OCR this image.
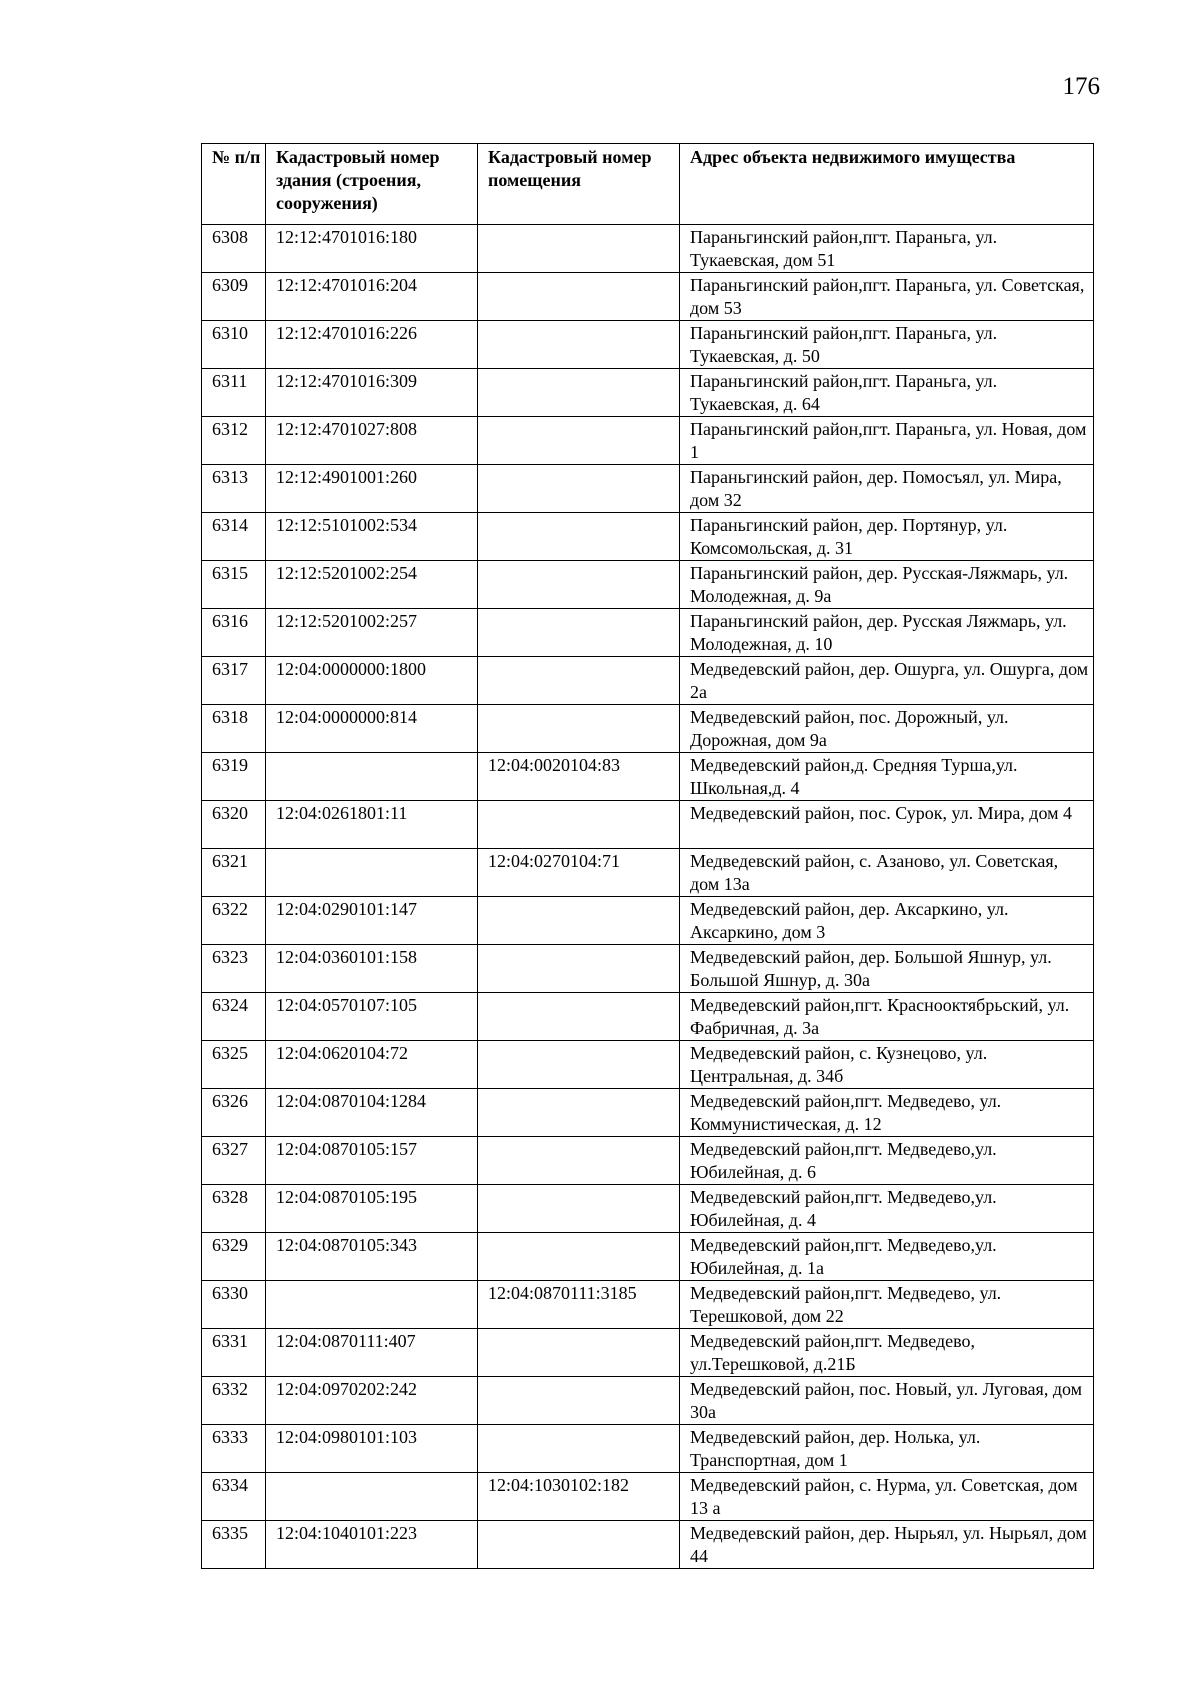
176
№ п/п	Кадастровый номер здания (строения, сооружения)	Кадастровый номер помещения	Адрес объекта недвижимого имущества
6308	12:12:4701016:180		Параньгинский район,пгт. Параньга, ул. Тукаевская, дом 51
6309	12:12:4701016:204		Параньгинский район,пгт. Параньга, ул. Советская, дом 53
6310	12:12:4701016:226		Параньгинский район,пгт. Параньга, ул. Тукаевская, д. 50
6311	12:12:4701016:309		Параньгинский район,пгт. Параньга, ул. Тукаевская, д. 64
6312	12:12:4701027:808		Параньгинский район,пгт. Параньга, ул. Новая, дом 1
6313	12:12:4901001:260		Параньгинский район, дер. Помосъял, ул. Мира, дом 32
6314	12:12:5101002:534		Параньгинский район, дер. Портянур, ул. Комсомольская, д. 31
6315	12:12:5201002:254		Параньгинский район, дер. Русская-Ляжмарь, ул. Молодежная, д. 9а
6316	12:12:5201002:257		Параньгинский район, дер. Русская Ляжмарь, ул. Молодежная, д. 10
6317	12:04:0000000:1800		Медведевский район, дер. Ошурга, ул. Ошурга, дом 2а
6318	12:04:0000000:814		Медведевский район, пос. Дорожный, ул. Дорожная, дом 9а
6319		12:04:0020104:83	Медведевский район,д. Средняя Турша,ул. Школьная,д. 4
6320	12:04:0261801:11		Медведевский район, пос. Сурок, ул. Мира, дом 4
6321		12:04:0270104:71	Медведевский район, с. Азаново, ул. Советская, дом 13а
6322	12:04:0290101:147		Медведевский район, дер. Аксаркино, ул. Аксаркино, дом 3
6323	12:04:0360101:158		Медведевский район, дер. Большой Яшнур, ул. Большой Яшнур, д. 30а
6324	12:04:0570107:105		Медведевский район,пгт. Краснооктябрьский, ул. Фабричная, д. 3а
6325	12:04:0620104:72		Медведевский район, с. Кузнецово, ул. Центральная, д. 34б
6326	12:04:0870104:1284		Медведевский район,пгт. Медведево, ул. Коммунистическая, д. 12
6327	12:04:0870105:157		Медведевский район,пгт. Медведево,ул. Юбилейная, д. 6
6328	12:04:0870105:195		Медведевский район,пгт. Медведево,ул. Юбилейная, д. 4
6329	12:04:0870105:343		Медведевский район,пгт. Медведево,ул. Юбилейная, д. 1а
6330		12:04:0870111:3185	Медведевский район,пгт. Медведево, ул. Терешковой, дом 22
6331	12:04:0870111:407		Медведевский район,пгт. Медведево, ул.Терешковой, д.21Б
6332	12:04:0970202:242		Медведевский район, пос. Новый, ул. Луговая, дом 30а
6333	12:04:0980101:103		Медведевский район, дер. Нолька, ул. Транспортная, дом 1
6334		12:04:1030102:182	Медведевский район, с. Нурма, ул. Советская, дом 13 а
6335	12:04:1040101:223		Медведевский район, дер. Нырьял, ул. Нырьял, дом 44
